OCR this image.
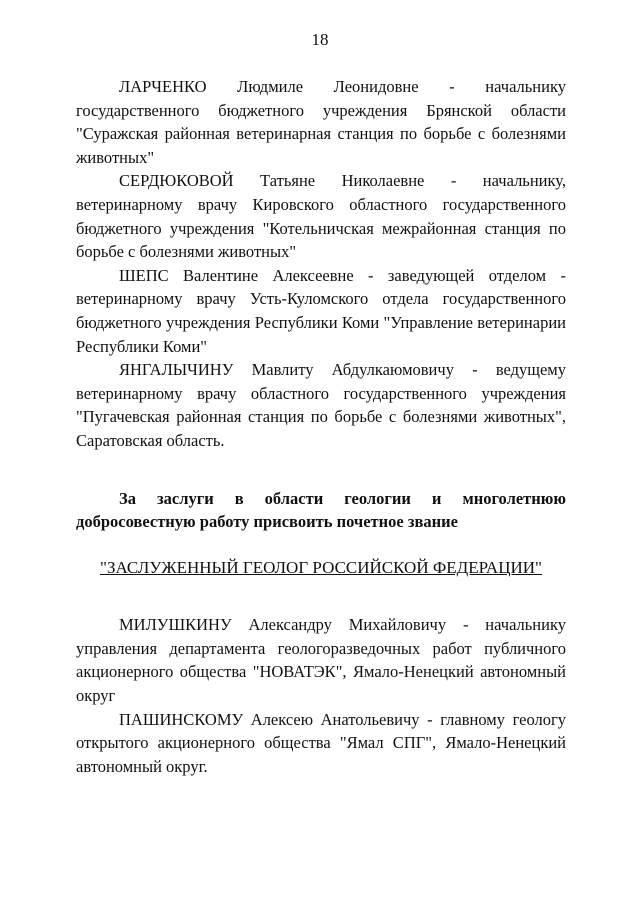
18

ЛАРЧЕНКО Людмиле Леонидовне - начальнику государственного бюджетного учреждения Брянской области "Суражская районная ветеринарная станция по борьбе с болезнями животных"

СЕРДЮКОВОЙ Татьяне Николаевне - начальнику, ветеринарному врачу Кировского областного государственного бюджетного учреждения "Котельничская межрайонная станция по борьбе с болезнями животных"

ШЕПС Валентине Алексеевне - заведующей отделом - ветеринарному врачу Усть-Куломского отдела государственного бюджетного учреждения Республики Коми "Управление ветеринарии Республики Коми"

ЯНГАЛЫЧИНУ Мавлиту Абдулкаюмовичу - ведущему ветеринарному врачу областного государственного учреждения "Пугачевская районная станция по борьбе с болезнями животных", Саратовская область.

За заслуги в области геологии и многолетнюю добросовестную работу присвоить почетное звание

"ЗАСЛУЖЕННЫЙ ГЕОЛОГ РОССИЙСКОЙ ФЕДЕРАЦИИ"

МИЛУШКИНУ Александру Михайловичу - начальнику управления департамента геологоразведочных работ публичного акционерного общества "НОВАТЭК", Ямало-Ненецкий автономный округ

ПАШИНСКОМУ Алексею Анатольевичу - главному геологу открытого акционерного общества "Ямал СПГ", Ямало-Ненецкий автономный округ.
